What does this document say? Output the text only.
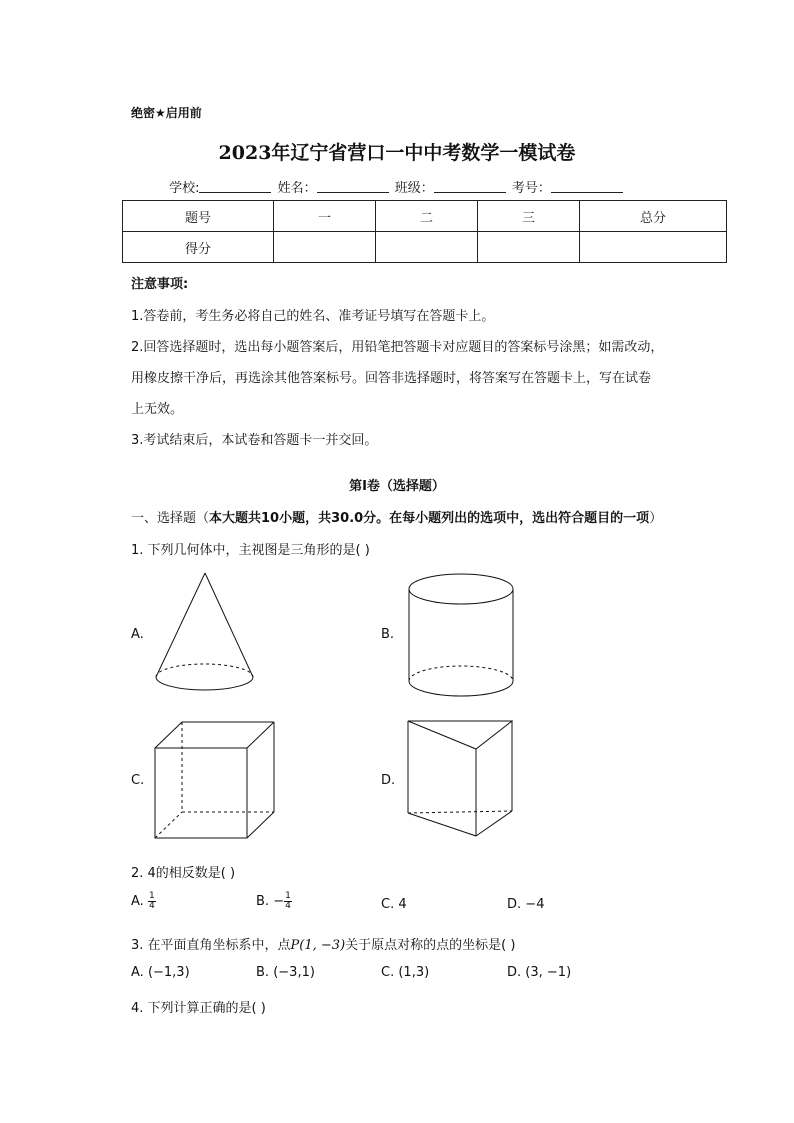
绝密★启用前
2023年辽宁省营口一中中考数学一模试卷
学校:	姓名：	班级：	考号：
题号	一	二	三	总分
得分				
注意事项:
1.答卷前，考生务必将自己的姓名、准考证号填写在答题卡上。
2.回答选择题时，选出每小题答案后，用铅笔把答题卡对应题目的答案标号涂黑；如需改动，
用橡皮擦干净后，再选涂其他答案标号。回答非选择题时，将答案写在答题卡上，写在试卷
上无效。
3.考试结束后，本试卷和答题卡一并交回。
第I卷（选择题）
一、选择题（本大题共10小题，共30.0分。在每小题列出的选项中，选出符合题目的一项）
1. 下列几何体中，主视图是三角形的是( )
A.	B.
C.	D.
2. 4的相反数是( )
A. $\frac{1}{4}$	B. − $\frac{1}{4}$	C. 4	D. −4
3. 在平面直角坐标系中，点P(1, −3)关于原点对称的点的坐标是( )
A. (−1,3)	B. (−3,1)	C. (1,3)	D. (3, −1)
4. 下列计算正确的是( )
